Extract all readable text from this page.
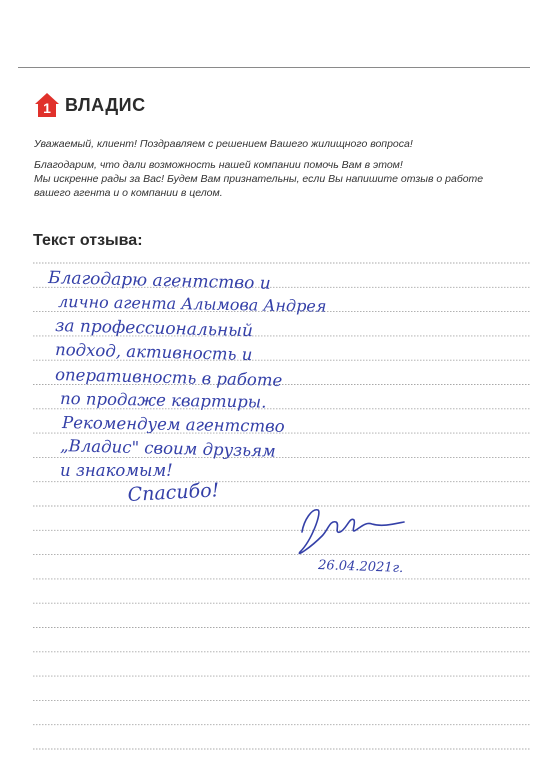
1 ВЛАДИС
Уважаемый, клиент! Поздравляем с решением Вашего жилищного вопроса!
Благодарим, что дали возможность нашей компании помочь Вам в этом!
Мы искренне рады за Вас! Будем Вам признательны, если Вы напишите отзыв о работе
вашего агента и о компании в целом.
Текст отзыва:
Благодарю агентство и
лично агента Алымова Андрея
за профессиональный
подход, активность и
оперативность в работе
по продаже квартиры.
Рекомендуем агентство
„Владис" своим друзьям
и знакомым!
Спасибо!
26.04.2021г.
